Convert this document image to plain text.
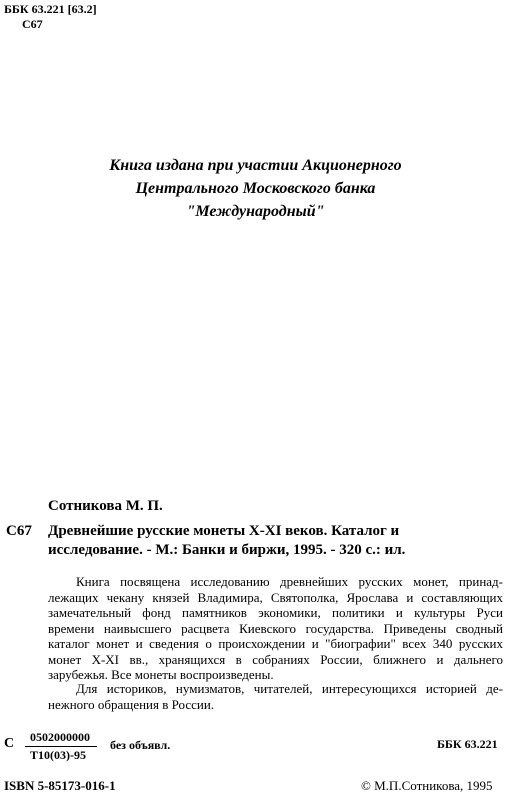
ББК 63.221 [63.2]
С67
Книга издана при участии Акционерного
Центрального Московского банка
"Международный"
Сотникова М. П.
С67 Древнейшие русские монеты X-XI веков. Каталог и
исследование. - М.: Банки и биржи, 1995. - 320 с.: ил.
Книга посвящена исследованию древнейших русских монет, принад-
лежащих чекану князей Владимира, Святополка, Ярослава и составляющих
замечательный фонд памятников экономики, политики и культуры Руси
времени наивысшего расцвета Киевского государства. Приведены сводный
каталог монет и сведения о происхождении и "биографии" всех 340 русских
монет X-XI вв., хранящихся в собраниях России, ближнего и дальнего
зарубежья. Все монеты воспроизведены.
Для историков, нумизматов, читателей, интересующихся историей де-
нежного обращения в России.
С 0502000000
Т10(03)-95
без объявл.	ББК 63.221
ISBN 5-85173-016-1	© М.П.Сотникова, 1995
